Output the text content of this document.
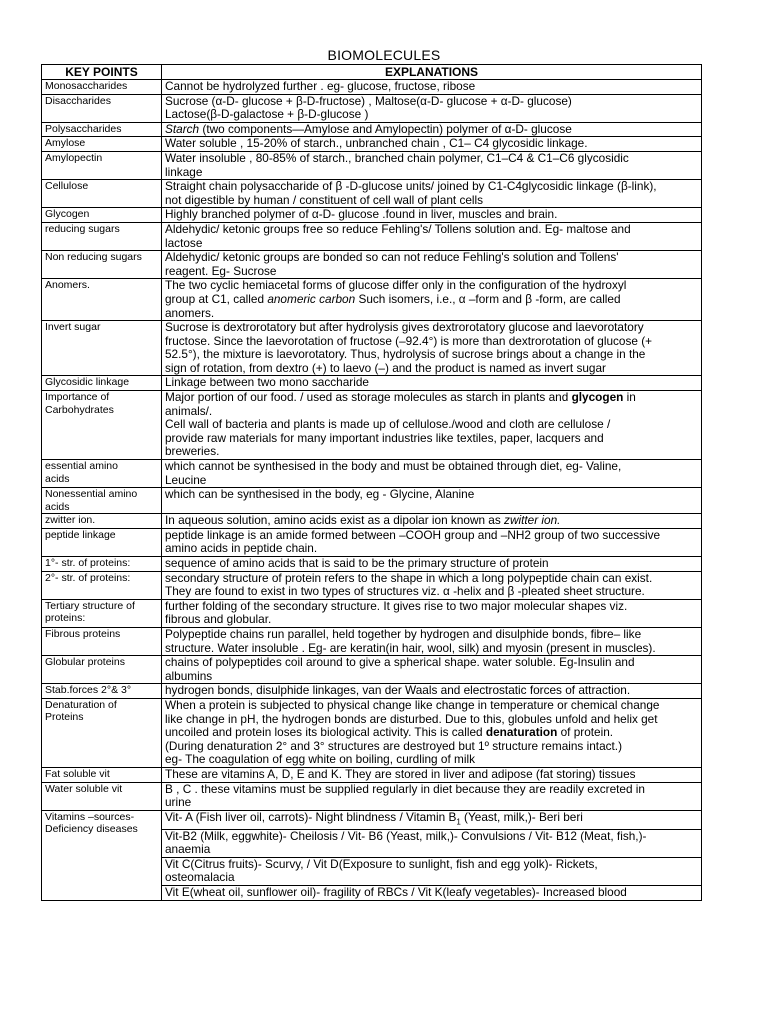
BIOMOLECULES
KEY POINTS	EXPLANATIONS

Monosaccharides	Cannot be hydrolyzed further . eg- glucose, fructose, ribose

Disaccharides	Sucrose (α-D- glucose + β-D-fructose) , Maltose(α-D- glucose + α-D- glucose)
Lactose(β-D-galactose + β-D-glucose )

Polysaccharides	Starch (two components—Amylose and Amylopectin) polymer of α-D- glucose

Amylose	Water soluble , 15-20% of starch., unbranched chain , C1– C4 glycosidic linkage.

Amylopectin	Water insoluble , 80-85% of starch., branched chain polymer, C1–C4 & C1–C6 glycosidic
linkage

Cellulose	Straight chain polysaccharide of β -D-glucose units/ joined by C1-C4glycosidic linkage (β-link),
not digestible by human / constituent of cell wall of plant cells

Glycogen	Highly branched polymer of α-D- glucose .found in liver, muscles and brain.

reducing sugars	Aldehydic/ ketonic groups free so reduce Fehling's/ Tollens solution and. Eg- maltose and
lactose

Non reducing sugars	Aldehydic/ ketonic groups are bonded so can not reduce Fehling's solution and Tollens'
reagent. Eg- Sucrose

Anomers.	The two cyclic hemiacetal forms of glucose differ only in the configuration of the hydroxyl
group at C1, called anomeric carbon Such isomers, i.e., α –form and β -form, are called
anomers.

Invert sugar	Sucrose is dextrorotatory but after hydrolysis gives dextrorotatory glucose and laevorotatory
fructose. Since the laevorotation of fructose (–92.4°) is more than dextrorotation of glucose (+
52.5°), the mixture is laevorotatory. Thus, hydrolysis of sucrose brings about a change in the
sign of rotation, from dextro (+) to laevo (–) and the product is named as invert sugar

Glycosidic linkage	Linkage between two mono saccharide

Importance of
Carbohydrates	Major portion of our food. / used as storage molecules as starch in plants and glycogen in
animals/.
Cell wall of bacteria and plants is made up of cellulose./wood and cloth are cellulose /
provide raw materials for many important industries like textiles, paper, lacquers and
breweries.

essential amino
acids	which cannot be synthesised in the body and must be obtained through diet, eg- Valine,
Leucine

Nonessential amino
acids	which can be synthesised in the body, eg - Glycine, Alanine

zwitter ion.	In aqueous solution, amino acids exist as a dipolar ion known as zwitter ion.

peptide linkage	peptide linkage is an amide formed between –COOH group and –NH2 group of two successive
amino acids in peptide chain.

1°- str. of proteins:	sequence of amino acids that is said to be the primary structure of protein

2°- str. of proteins:	secondary structure of protein refers to the shape in which a long polypeptide chain can exist.
They are found to exist in two types of structures viz. α -helix and β -pleated sheet structure.

Tertiary structure of
proteins:	further folding of the secondary structure. It gives rise to two major molecular shapes viz.
fibrous and globular.

Fibrous proteins	Polypeptide chains run parallel, held together by hydrogen and disulphide bonds, fibre– like
structure. Water insoluble . Eg- are keratin(in hair, wool, silk) and myosin (present in muscles).

Globular proteins	chains of polypeptides coil around to give a spherical shape. water soluble. Eg-Insulin and
albumins

Stab.forces 2°& 3°	hydrogen bonds, disulphide linkages, van der Waals and electrostatic forces of attraction.

Denaturation of
Proteins	When a protein is subjected to physical change like change in temperature or chemical change
like change in pH, the hydrogen bonds are disturbed. Due to this, globules unfold and helix get
uncoiled and protein loses its biological activity. This is called denaturation of protein.
(During denaturation 2° and 3° structures are destroyed but 1º structure remains intact.)
eg- The coagulation of egg white on boiling, curdling of milk

Fat soluble vit	These are vitamins A, D, E and K. They are stored in liver and adipose (fat storing) tissues

Water soluble vit	B , C . these vitamins must be supplied regularly in diet because they are readily excreted in
urine

Vitamins –sources-
Deficiency diseases	Vit- A (Fish liver oil, carrots)- Night blindness / Vitamin $B_1$ (Yeast, milk,)- Beri beri

	Vit-B2 (Milk, eggwhite)- Cheilosis / Vit- B6 (Yeast, milk,)- Convulsions / Vit- B12 (Meat, fish,)-
anaemia

	Vit C(Citrus fruits)- Scurvy, / Vit D(Exposure to sunlight, fish and egg yolk)- Rickets,
osteomalacia

	Vit E(wheat oil, sunflower oil)- fragility of RBCs / Vit K(leafy vegetables)- Increased blood
